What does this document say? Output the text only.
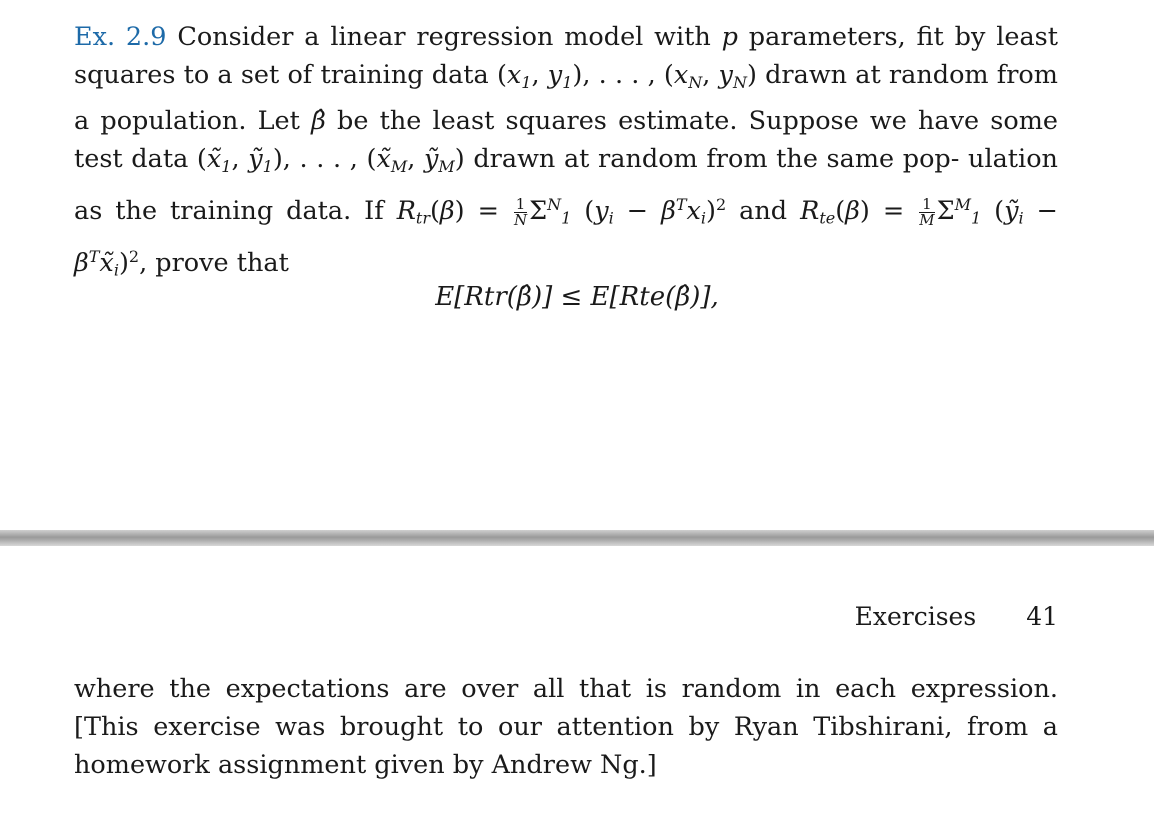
Ex. 2.9 Consider a linear regression model with p parameters, fit by least squares to a set of training data (x1, y1), . . . , (xN, yN) drawn at random from a population. Let β̂ be the least squares estimate. Suppose we have some test data (x̃1, ỹ1), . . . , (x̃M, ỹM) drawn at random from the same pop- ulation as the training data. If $Rtr(\beta) = \frac{1}{N} \Sigma^N1$ $(yi - \beta^Txi)^2$ and $Rte(\beta) = \frac{1}{M} \Sigma^M1$ (ỹi − $\beta^Tx̃i)^2$, prove that
E[Rtr(β̂)] ≤ E[Rte(β̂)],
Exercises 41
where the expectations are over all that is random in each expression. [This exercise was brought to our attention by Ryan Tibshirani, from a homework assignment given by Andrew Ng.]
